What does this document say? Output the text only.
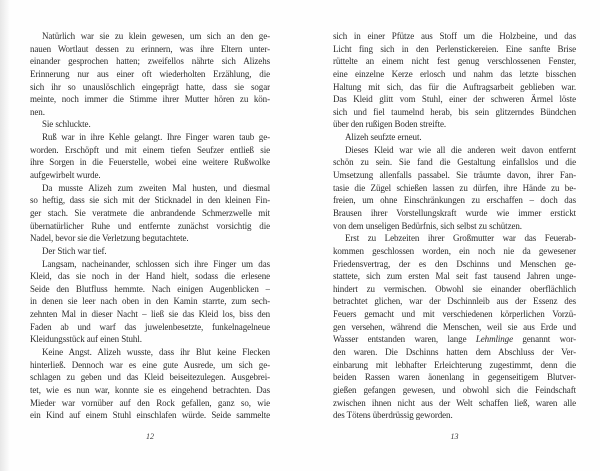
Natürlich war sie zu klein gewesen, um sich an den ge-
nauen Wortlaut dessen zu erinnern, was ihre Eltern unter-
einander gesprochen hatten; zweifellos nährte sich Alizehs
Erinnerung nur aus einer oft wiederholten Erzählung, die
sich ihr so unauslöschlich eingeprägt hatte, dass sie sogar
meinte, noch immer die Stimme ihrer Mutter hören zu kön-
nen.
Sie schluckte.
Ruß war in ihre Kehle gelangt. Ihre Finger waren taub ge-
worden. Erschöpft und mit einem tiefen Seufzer entließ sie
ihre Sorgen in die Feuerstelle, wobei eine weitere Rußwolke
aufgewirbelt wurde.
Da musste Alizeh zum zweiten Mal husten, und diesmal
so heftig, dass sie sich mit der Sticknadel in den kleinen Fin-
ger stach. Sie veratmete die anbrandende Schmerzwelle mit
übernatürlicher Ruhe und entfernte zunächst vorsichtig die
Nadel, bevor sie die Verletzung begutachtete.
Der Stich war tief.
Langsam, nacheinander, schlossen sich ihre Finger um das
Kleid, das sie noch in der Hand hielt, sodass die erlesene
Seide den Blutfluss hemmte. Nach einigen Augenblicken –
in denen sie leer nach oben in den Kamin starrte, zum sech-
zehnten Mal in dieser Nacht – ließ sie das Kleid los, biss den
Faden ab und warf das juwelenbesetzte, funkelnagelneue
Kleidungsstück auf einen Stuhl.
Keine Angst. Alizeh wusste, dass ihr Blut keine Flecken
hinterließ. Dennoch war es eine gute Ausrede, um sich ge-
schlagen zu geben und das Kleid beiseitezulegen. Ausgebrei-
tet, wie es nun war, konnte sie es eingehend betrachten. Das
Mieder war vornüber auf den Rock gefallen, ganz so, wie
ein Kind auf einem Stuhl einschlafen würde. Seide sammelte
12
sich in einer Pfütze aus Stoff um die Holzbeine, und das
Licht fing sich in den Perlenstickereien. Eine sanfte Brise
rüttelte an einem nicht fest genug verschlossenen Fenster,
eine einzelne Kerze erlosch und nahm das letzte bisschen
Haltung mit sich, das für die Auftragsarbeit geblieben war.
Das Kleid glitt vom Stuhl, einer der schweren Ärmel löste
sich und fiel taumelnd herab, bis sein glitzerndes Bündchen
über den rußigen Boden streifte.
Alizeh seufzte erneut.
Dieses Kleid war wie all die anderen weit davon entfernt
schön zu sein. Sie fand die Gestaltung einfallslos und die
Umsetzung allenfalls passabel. Sie träumte davon, ihrer Fan-
tasie die Zügel schießen lassen zu dürfen, ihre Hände zu be-
freien, um ohne Einschränkungen zu erschaffen – doch das
Brausen ihrer Vorstellungskraft wurde wie immer erstickt
von dem unseligen Bedürfnis, sich selbst zu schützen.
Erst zu Lebzeiten ihrer Großmutter war das Feuerab-
kommen geschlossen worden, ein noch nie da gewesener
Friedensvertrag, der es den Dschinns und Menschen ge-
stattete, sich zum ersten Mal seit fast tausend Jahren unge-
hindert zu vermischen. Obwohl sie einander oberflächlich
betrachtet glichen, war der Dschinnleib aus der Essenz des
Feuers gemacht und mit verschiedenen körperlichen Vorzü-
gen versehen, während die Menschen, weil sie aus Erde und
Wasser entstanden waren, lange Lehmlinge genannt wor-
den waren. Die Dschinns hatten dem Abschluss der Ver-
einbarung mit lebhafter Erleichterung zugestimmt, denn die
beiden Rassen waren äonenlang in gegenseitigem Blutver-
gießen gefangen gewesen, und obwohl sich die Feindschaft
zwischen ihnen nicht aus der Welt schaffen ließ, waren alle
des Tötens überdrüssig geworden.
13
